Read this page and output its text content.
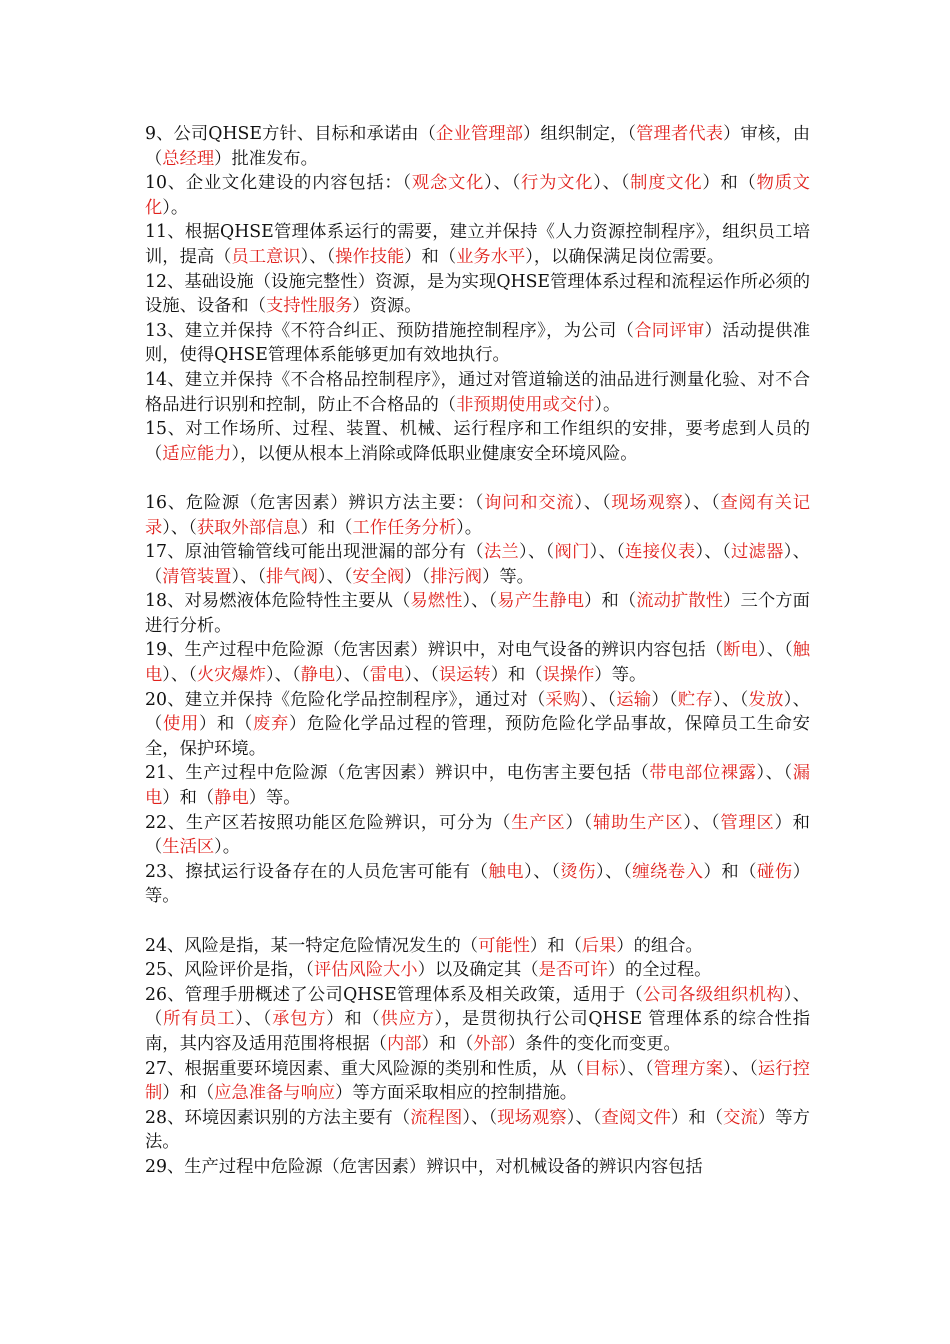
9、公司QHSE方针、目标和承诺由（企业管理部）组织制定，（管理者代表）审核，由（总经理）批准发布。

10、企业文化建设的内容包括：（观念文化）、（行为文化）、（制度文化）和（物质文化）。

11、根据QHSE管理体系运行的需要，建立并保持《人力资源控制程序》，组织员工培训，提高（员工意识）、（操作技能）和（业务水平），以确保满足岗位需要。

12、基础设施（设施完整性）资源，是为实现QHSE管理体系过程和流程运作所必须的设施、设备和（支持性服务）资源。

13、建立并保持《不符合纠正、预防措施控制程序》，为公司（合同评审）活动提供准则，使得QHSE管理体系能够更加有效地执行。

14、建立并保持《不合格品控制程序》，通过对管道输送的油品进行测量化验、对不合格品进行识别和控制，防止不合格品的（非预期使用或交付）。

15、对工作场所、过程、装置、机械、运行程序和工作组织的安排，要考虑到人员的（适应能力），以便从根本上消除或降低职业健康安全环境风险。

16、危险源（危害因素）辨识方法主要：（询问和交流）、（现场观察）、（查阅有关记录）、（获取外部信息）和（工作任务分析）。

17、原油管输管线可能出现泄漏的部分有（法兰）、（阀门）、（连接仪表）、（过滤器）、（清管装置）、（排气阀）、（安全阀）（排污阀）等。

18、对易燃液体危险特性主要从（易燃性）、（易产生静电）和（流动扩散性）三个方面进行分析。

19、生产过程中危险源（危害因素）辨识中，对电气设备的辨识内容包括（断电）、（触电）、（火灾爆炸）、（静电）、（雷电）、（误运转）和（误操作）等。

20、建立并保持《危险化学品控制程序》，通过对（采购）、（运输）（贮存）、（发放）、（使用）和（废弃）危险化学品过程的管理，预防危险化学品事故，保障员工生命安全，保护环境。

21、生产过程中危险源（危害因素）辨识中，电伤害主要包括（带电部位裸露）、（漏电）和（静电）等。

22、生产区若按照功能区危险辨识，可分为（生产区）（辅助生产区）、（管理区）和（生活区）。

23、擦拭运行设备存在的人员危害可能有（触电）、（烫伤）、（缠绕卷入）和（碰伤）等。

24、风险是指，某一特定危险情况发生的（可能性）和（后果）的组合。

25、风险评价是指，（评估风险大小）以及确定其（是否可许）的全过程。

26、管理手册概述了公司QHSE管理体系及相关政策，适用于（公司各级组织机构）、（所有员工）、（承包方）和（供应方），是贯彻执行公司QHSE 管理体系的综合性指南，其内容及适用范围将根据（内部）和（外部）条件的变化而变更。

27、根据重要环境因素、重大风险源的类别和性质，从（目标）、（管理方案）、（运行控制）和（应急准备与响应）等方面采取相应的控制措施。

28、环境因素识别的方法主要有（流程图）、（现场观察）、（查阅文件）和（交流）等方法。

29、生产过程中危险源（危害因素）辨识中，对机械设备的辨识内容包括
